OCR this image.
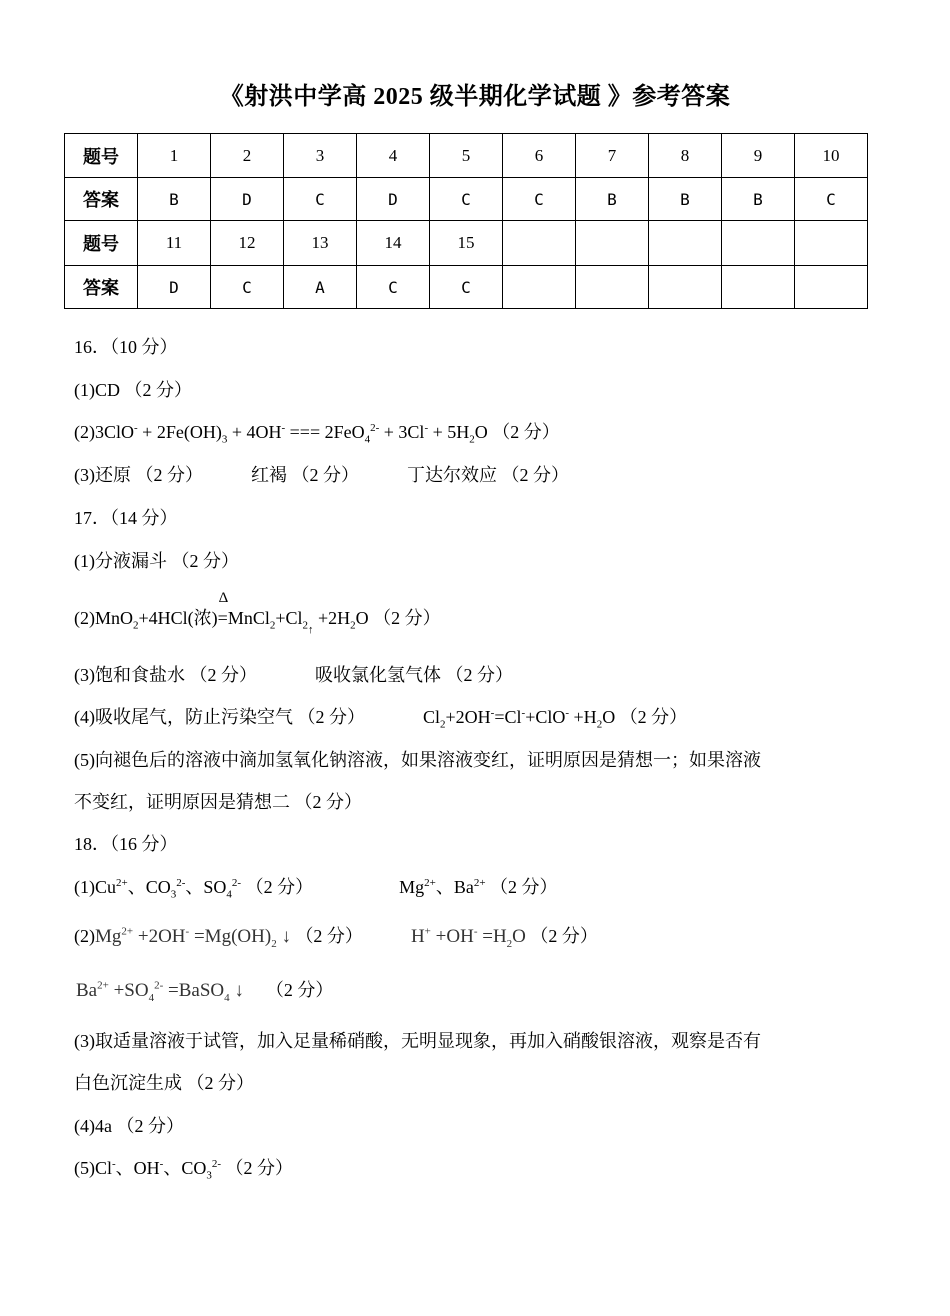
《射洪中学高 2025 级半期化学试题 》参考答案
题号	1	2	3	4	5	6	7	8	9	10
答案	B	D	C	D	C	C	B	B	B	C
题号	11	12	13	14	15					
答案	D	C	A	C	C					
16．（10 分）
(1)CD （2 分）
$(2)3ClO^- + 2Fe(OH)_3 + 4OH^-$ === $2FeO_4^{2-} + 3Cl^- + 5H_2O$ （2 分）
(3)还原 （2 分）	红褐 （2 分）	丁达尔效应 （2 分）
17．（14 分）
(1)分液漏斗 （2 分）
(2)MnO$_2$+4HCl(浓)
Δ
$=MnCl_2+Cl_{2↑} +2H_2O$ （2 分）
(3)饱和食盐水 （2 分）	吸收氯化氢气体 （2 分）
(4)吸收尾气，防止污染空气 （2 分）	$Cl_2+2OH^-=Cl^-+ClO^- +H_2O$ （2 分）
(5)向褪色后的溶液中滴加氢氧化钠溶液，如果溶液变红，证明原因是猜想一；如果溶液
不变红，证明原因是猜想二 （2 分）
18．（16 分）
$(1)Cu^{2+}$、$CO_3^{2-}$、$SO_4^{2-}$ （2 分）	$Mg^{2+}$、$Ba^{2+}$ （2 分）
$(2)Mg^{2+} +2OH^- =Mg(OH)_2$ ↓ （2 分）	$H^+ +OH^- =H_2O$ （2 分）
$Ba^{2+} +SO_4^{2-}$ =BaSO$_4$ ↓ （2 分）
(3)取适量溶液于试管，加入足量稀硝酸，无明显现象，再加入硝酸银溶液，观察是否有
白色沉淀生成 （2 分）
(4)4a （2 分）
(5)Cl-、OH-、$CO_3^{2-}$ （2 分）
